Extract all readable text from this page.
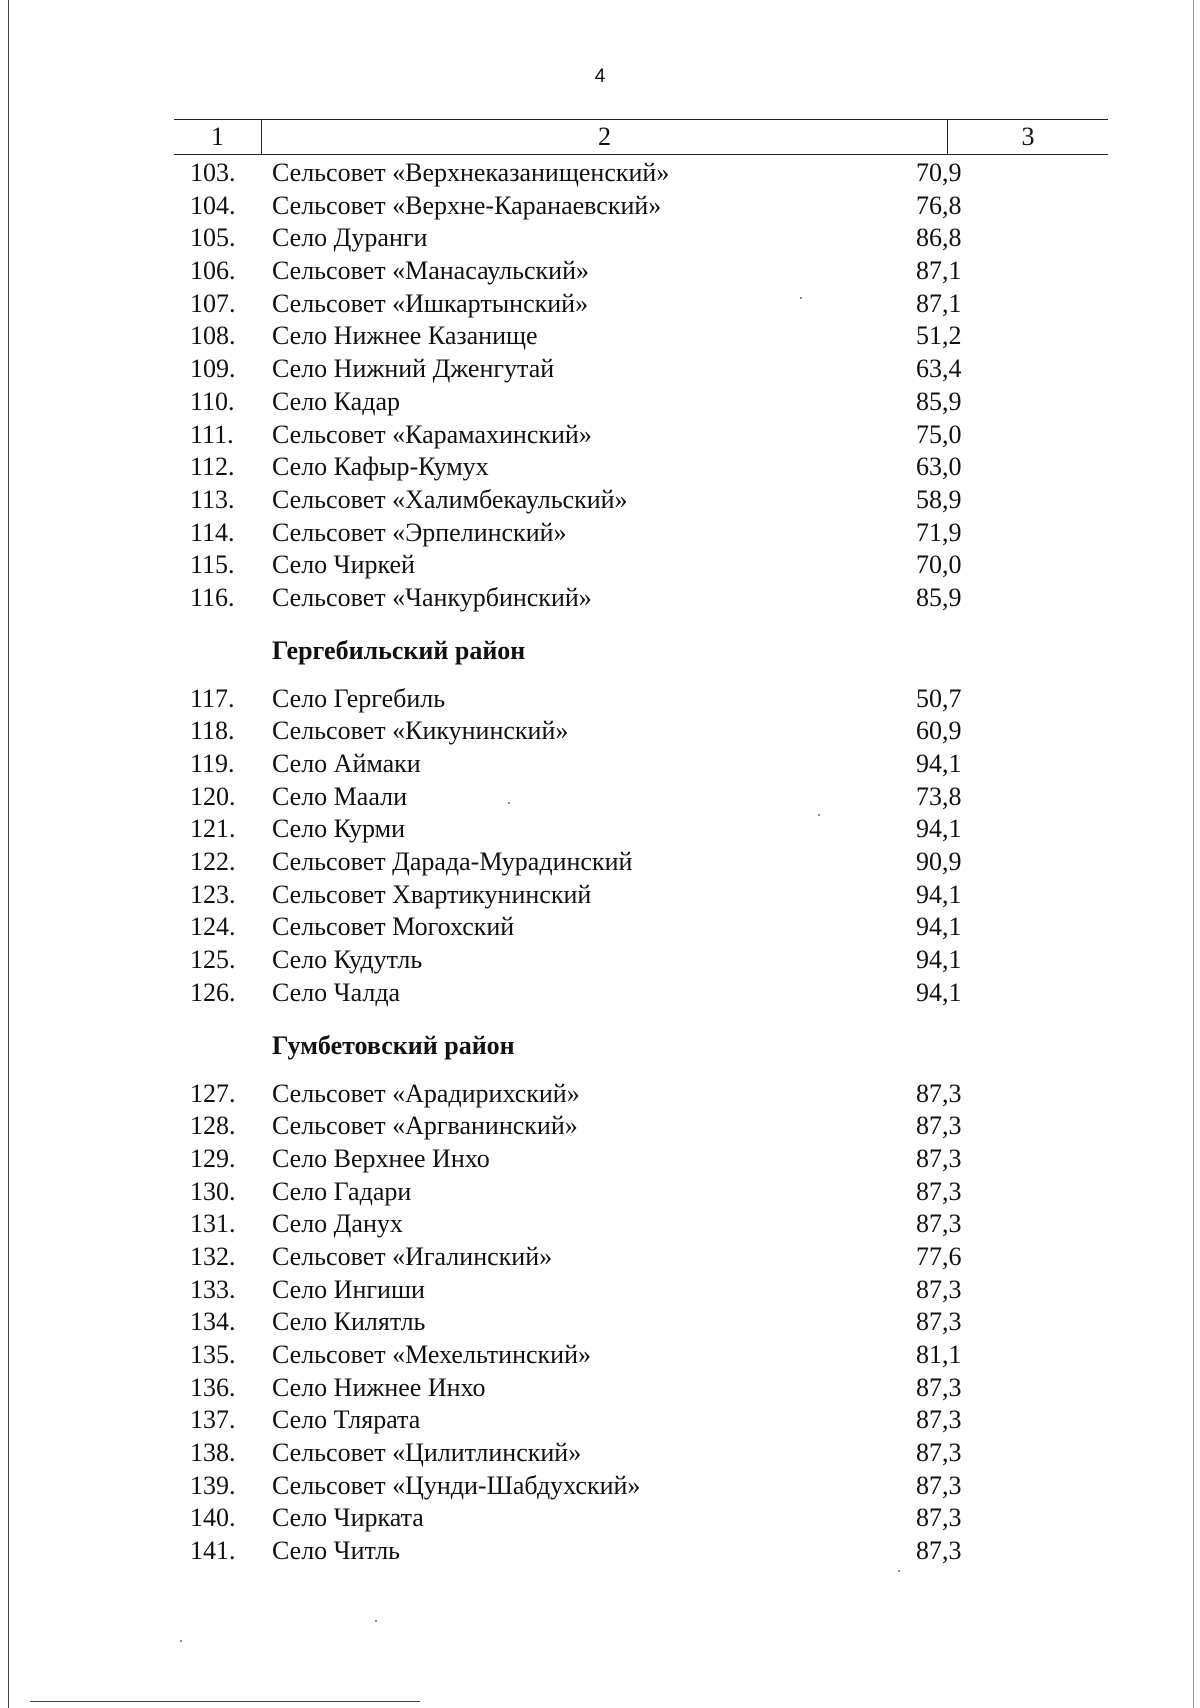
4
1	2	3
103. Сельсовет «Верхнеказанищенский»	70,9
104. Сельсовет «Верхне-Каранаевский»	76,8
105. Село Дуранги	86,8
106. Сельсовет «Манасаульский»	87,1
107. Сельсовет «Ишкартынский»	87,1
108. Село Нижнее Казанище	51,2
109. Село Нижний Дженгутай	63,4
110. Село Кадар	85,9
111. Сельсовет «Карамахинский»	75,0
112. Село Кафыр-Кумух	63,0
113. Сельсовет «Халимбекаульский»	58,9
114. Сельсовет «Эрпелинский»	71,9
115. Село Чиркей	70,0
116. Сельсовет «Чанкурбинский»	85,9
Гергебильский район
117. Село Гергебиль	50,7
118. Сельсовет «Кикунинский»	60,9
119. Село Аймаки	94,1
120. Село Маали	73,8
121. Село Курми	94,1
122. Сельсовет Дарада-Мурадинский	90,9
123. Сельсовет Хвартикунинский	94,1
124. Сельсовет Могохский	94,1
125. Село Кудутль	94,1
126. Село Чалда	94,1
Гумбетовский район
127. Сельсовет «Арадирихский»	87,3
128. Сельсовет «Аргванинский»	87,3
129. Село Верхнее Инхо	87,3
130. Село Гадари	87,3
131. Село Данух	87,3
132. Сельсовет «Игалинский»	77,6
133. Село Ингиши	87,3
134. Село Килятль	87,3
135. Сельсовет «Мехельтинский»	81,1
136. Село Нижнее Инхо	87,3
137. Село Тлярата	87,3
138. Сельсовет «Цилитлинский»	87,3
139. Сельсовет «Цунди-Шабдухский»	87,3
140. Село Чирката	87,3
141. Село Читль	87,3
